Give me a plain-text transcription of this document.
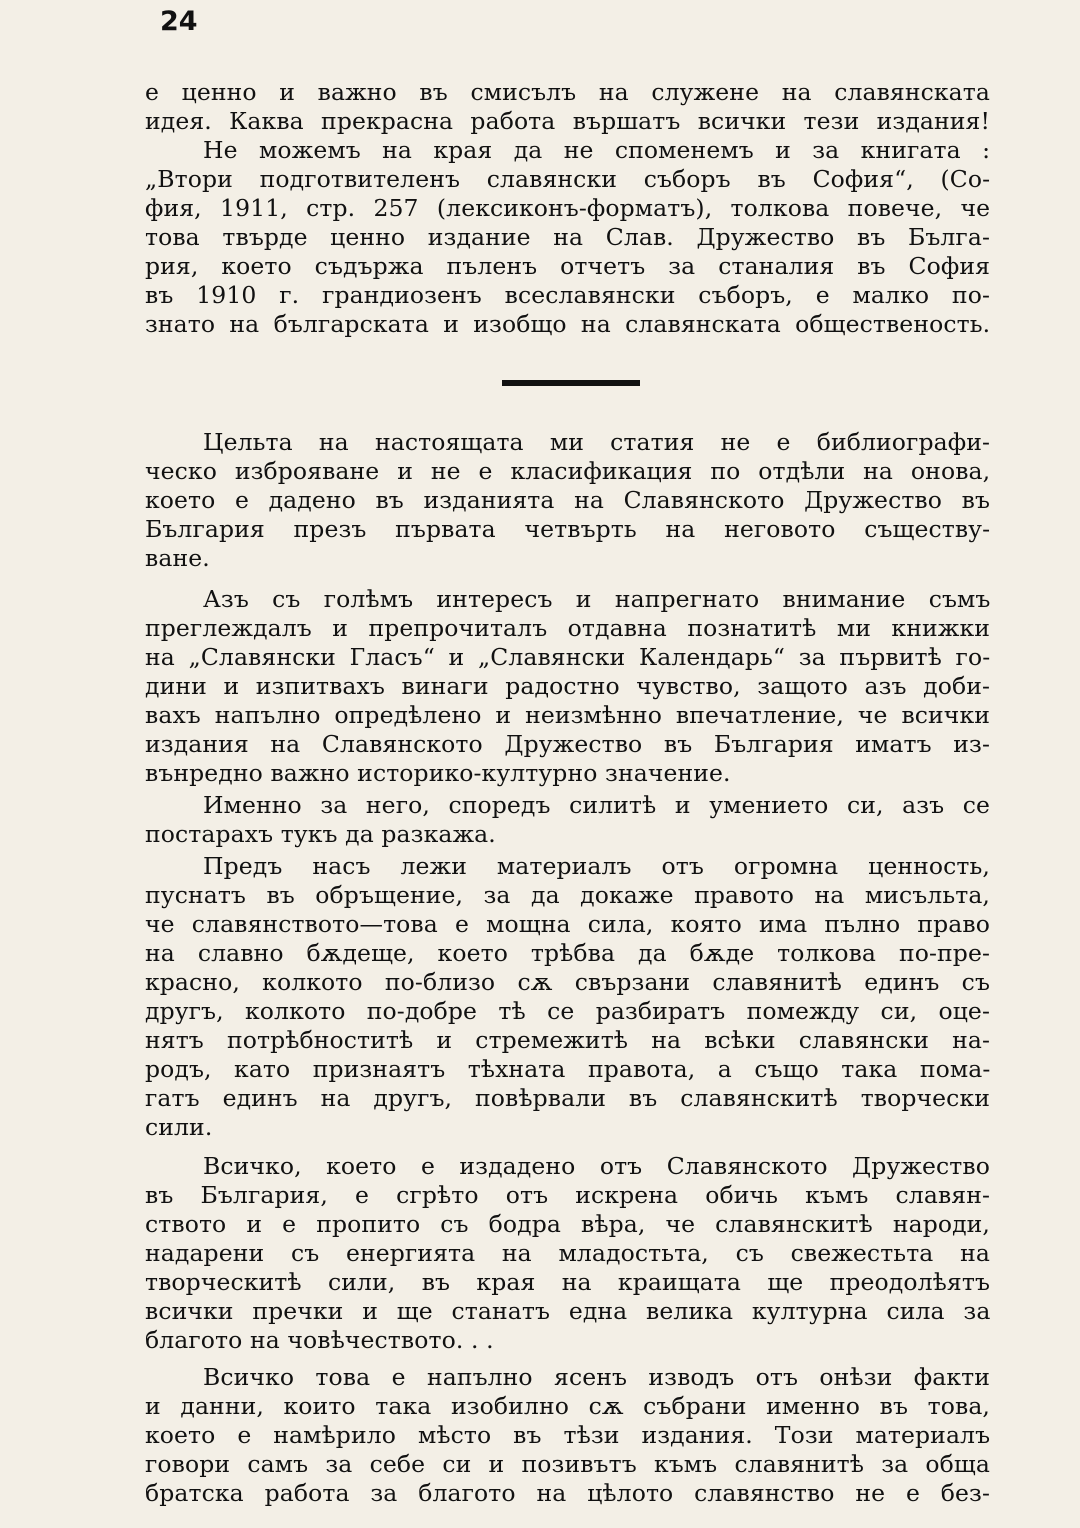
24

е ценно и важно въ смисълъ на служене на славянската
идея. Каква прекрасна работа вършатъ всички тези издания!
Не можемъ на края да не споменемъ и за книгата :
„Втори подготвителенъ славянски съборъ въ София“, (Со-
фия, 1911, стр. 257 (лексиконъ-форматъ), толкова повече, че
това твърде ценно издание на Слав. Дружество въ Бълга-
рия, което съдържа пъленъ отчетъ за станалия въ София
въ 1910 г. грандиозенъ всеславянски съборъ, е малко по-
знато на българската и изобщо на славянската общественость.

Цельта на настоящата ми статия не е библиографи-
ческо изброяване и не е класификация по отдѣли на онова,
което е дадено въ изданията на Славянското Дружество въ
България презъ първата четвърть на неговото съществу-
ване.

Азъ съ голѣмъ интересъ и напрегнато внимание съмъ
преглеждалъ и препрочиталъ отдавна познатитѣ ми книжки
на „Славянски Гласъ“ и „Славянски Календарь“ за първитѣ го-
дини и изпитвахъ винаги радостно чувство, защото азъ доби-
вахъ напълно опредѣлено и неизмѣнно впечатление, че всички
издания на Славянското Дружество въ България иматъ из-
вънредно важно историко-културно значение.

Именно за него, споредъ силитѣ и умението си, азъ се
постарахъ тукъ да разкажа.

Предъ насъ лежи материалъ отъ огромна ценность,
пуснатъ въ обръщение, за да докаже правото на мисъльта,
че славянството—това е мощна сила, която има пълно право
на славно бѫдеще, което трѣбва да бѫде толкова по-пре-
красно, колкото по-близо сѫ свързани славянитѣ единъ съ
другъ, колкото по-добре тѣ се разбиратъ помежду си, оце-
нятъ потрѣбноститѣ и стремежитѣ на всѣки славянски на-
родъ, като признаятъ тѣхната правота, а също така пома-
гатъ единъ на другъ, повѣрвали въ славянскитѣ творчески
сили.

Всичко, което е издадено отъ Славянското Дружество
въ България, е сгрѣто отъ искрена обичь къмъ славян-
ството и е пропито съ бодра вѣра, че славянскитѣ народи,
надарени съ енергията на младостьта, съ свежестьта на
творческитѣ сили, въ края на краищата ще преодолѣятъ
всички пречки и ще станатъ една велика културна сила за
благото на човѣчеството. . .

Всичко това е напълно ясенъ изводъ отъ онѣзи факти
и данни, които така изобилно сѫ събрани именно въ това,
което е намѣрило мѣсто въ тѣзи издания. Този материалъ
говори самъ за себе си и позивътъ къмъ славянитѣ за обща
братска работа за благото на цѣлото славянство не е без-
